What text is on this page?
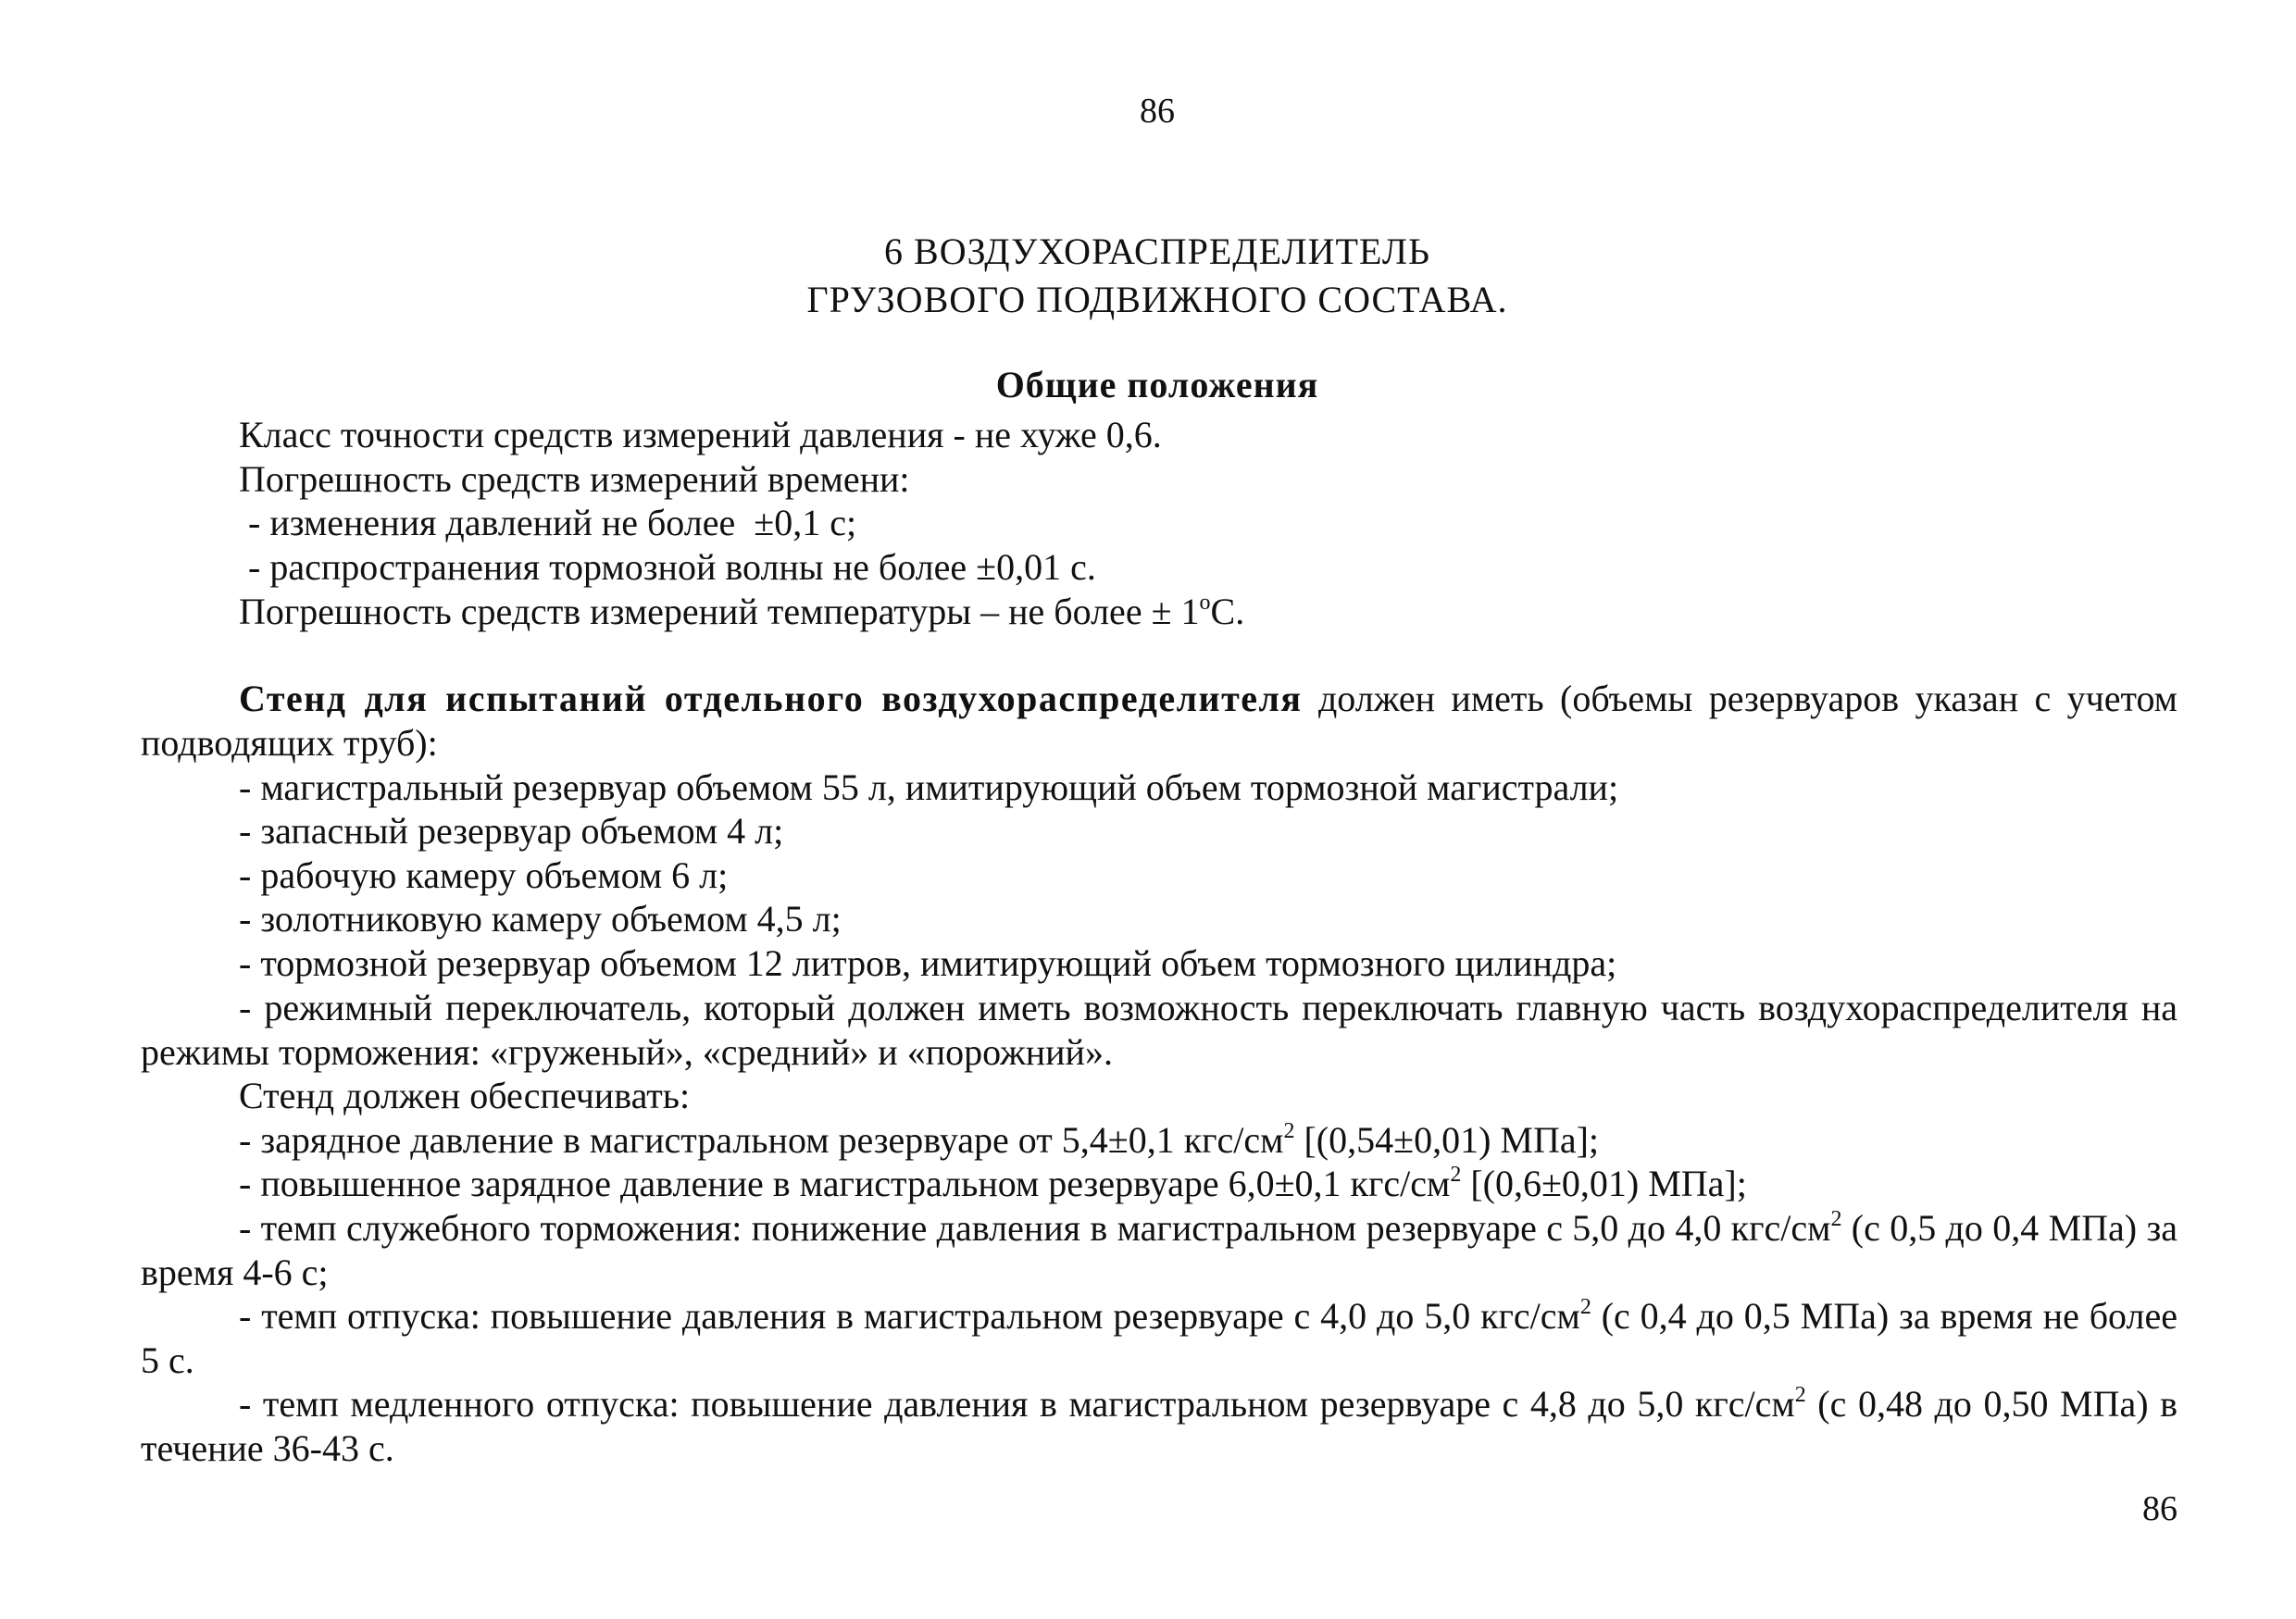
86
6 ВОЗДУХОРАСПРЕДЕЛИТЕЛЬ
ГРУЗОВОГО ПОДВИЖНОГО СОСТАВА.
Общие положения
Класс точности средств измерений давления - не хуже 0,6.
Погрешность средств измерений времени:
- изменения давлений не более  ±0,1 с;
- распространения тормозной волны не более ±0,01 с.
Погрешность средств измерений температуры – не более ± $1^оС$.
Стенд для испытаний отдельного воздухораспределителя должен иметь (объемы резервуаров указан с учетом подводящих труб):
- магистральный резервуар объемом 55 л, имитирующий объем тормозной магистрали;
- запасный резервуар объемом 4 л;
- рабочую камеру объемом 6 л;
- золотниковую камеру объемом 4,5 л;
- тормозной резервуар объемом 12 литров, имитирующий объем тормозного цилиндра;
- режимный переключатель, который должен иметь возможность переключать главную часть воздухораспределителя на режимы торможения: «груженый», «средний» и «порожний».
Стенд должен обеспечивать:
- зарядное давление в магистральном резервуаре от 5,4±0,1 кгс/$см^2$ [(0,54±0,01) МПа];
- повышенное зарядное давление в магистральном резервуаре 6,0±0,1 кгс/$см^2$ [(0,6±0,01) МПа];
- темп служебного торможения: понижение давления в магистральном резервуаре с 5,0 до 4,0 кгс/$см^2$ (с 0,5 до 0,4 МПа) за время 4-6 с;
- темп отпуска: повышение давления в магистральном резервуаре с 4,0 до 5,0 кгс/$см^2$ (с 0,4 до 0,5 МПа) за время не более 5 с.
- темп медленного отпуска: повышение давления в магистральном резервуаре с 4,8 до 5,0 кгс/$см^2$ (с 0,48 до 0,50 МПа) в течение 36-43 с.
86
